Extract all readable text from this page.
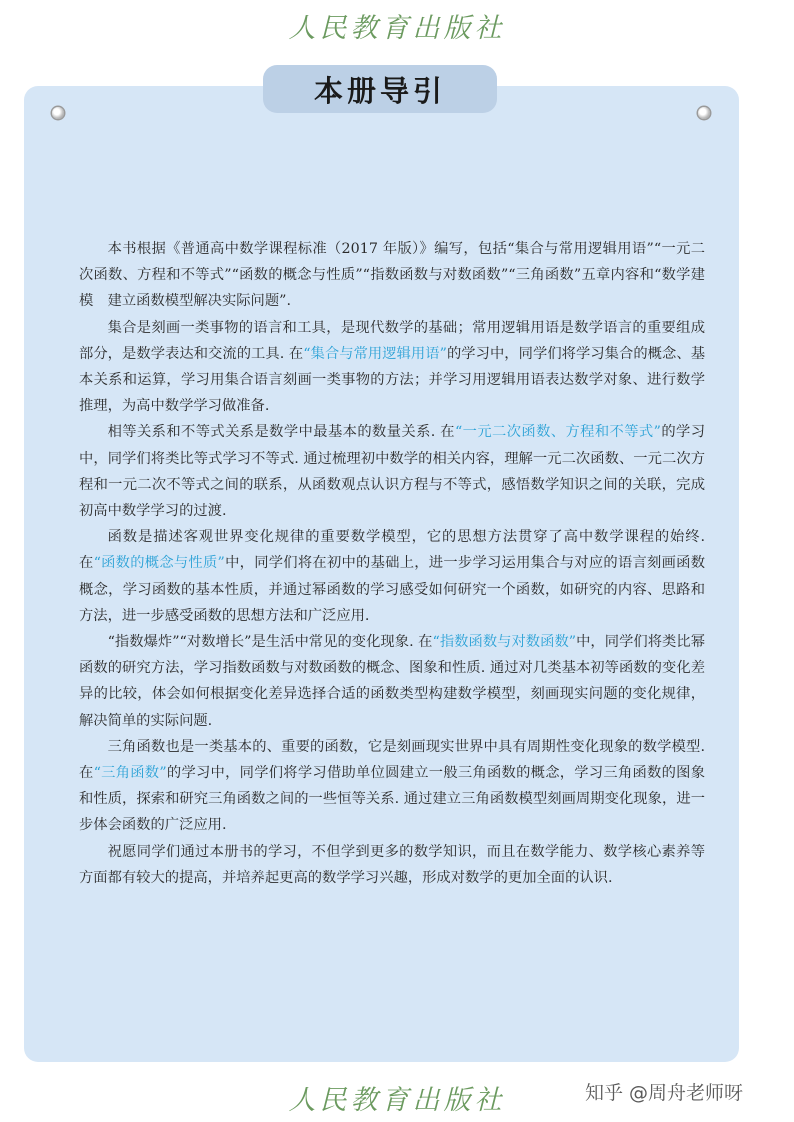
人民教育出版社
本册导引

本书根据《普通高中数学课程标准（2017 年版）》编写，包括“集合与常用逻辑用语”“一元二次函数、方程和不等式”“函数的概念与性质”“指数函数与对数函数”“三角函数”五章内容和“数学建模　建立函数模型解决实际问题”.

集合是刻画一类事物的语言和工具，是现代数学的基础；常用逻辑用语是数学语言的重要组成部分，是数学表达和交流的工具. 在“集合与常用逻辑用语”的学习中，同学们将学习集合的概念、基本关系和运算，学习用集合语言刻画一类事物的方法；并学习用逻辑用语表达数学对象、进行数学推理，为高中数学学习做准备.

相等关系和不等式关系是数学中最基本的数量关系. 在“一元二次函数、方程和不等式”的学习中，同学们将类比等式学习不等式. 通过梳理初中数学的相关内容，理解一元二次函数、一元二次方程和一元二次不等式之间的联系，从函数观点认识方程与不等式，感悟数学知识之间的关联，完成初高中数学学习的过渡.

函数是描述客观世界变化规律的重要数学模型，它的思想方法贯穿了高中数学课程的始终. 在“函数的概念与性质”中，同学们将在初中的基础上，进一步学习运用集合与对应的语言刻画函数概念，学习函数的基本性质，并通过幂函数的学习感受如何研究一个函数，如研究的内容、思路和方法，进一步感受函数的思想方法和广泛应用.

“指数爆炸”“对数增长”是生活中常见的变化现象. 在“指数函数与对数函数”中，同学们将类比幂函数的研究方法，学习指数函数与对数函数的概念、图象和性质. 通过对几类基本初等函数的变化差异的比较，体会如何根据变化差异选择合适的函数类型构建数学模型，刻画现实问题的变化规律，解决简单的实际问题.

三角函数也是一类基本的、重要的函数，它是刻画现实世界中具有周期性变化现象的数学模型. 在“三角函数”的学习中，同学们将学习借助单位圆建立一般三角函数的概念，学习三角函数的图象和性质，探索和研究三角函数之间的一些恒等关系. 通过建立三角函数模型刻画周期变化现象，进一步体会函数的广泛应用.

祝愿同学们通过本册书的学习，不但学到更多的数学知识，而且在数学能力、数学核心素养等方面都有较大的提高，并培养起更高的数学学习兴趣，形成对数学的更加全面的认识.

人民教育出版社	知乎 @周舟老师呀
